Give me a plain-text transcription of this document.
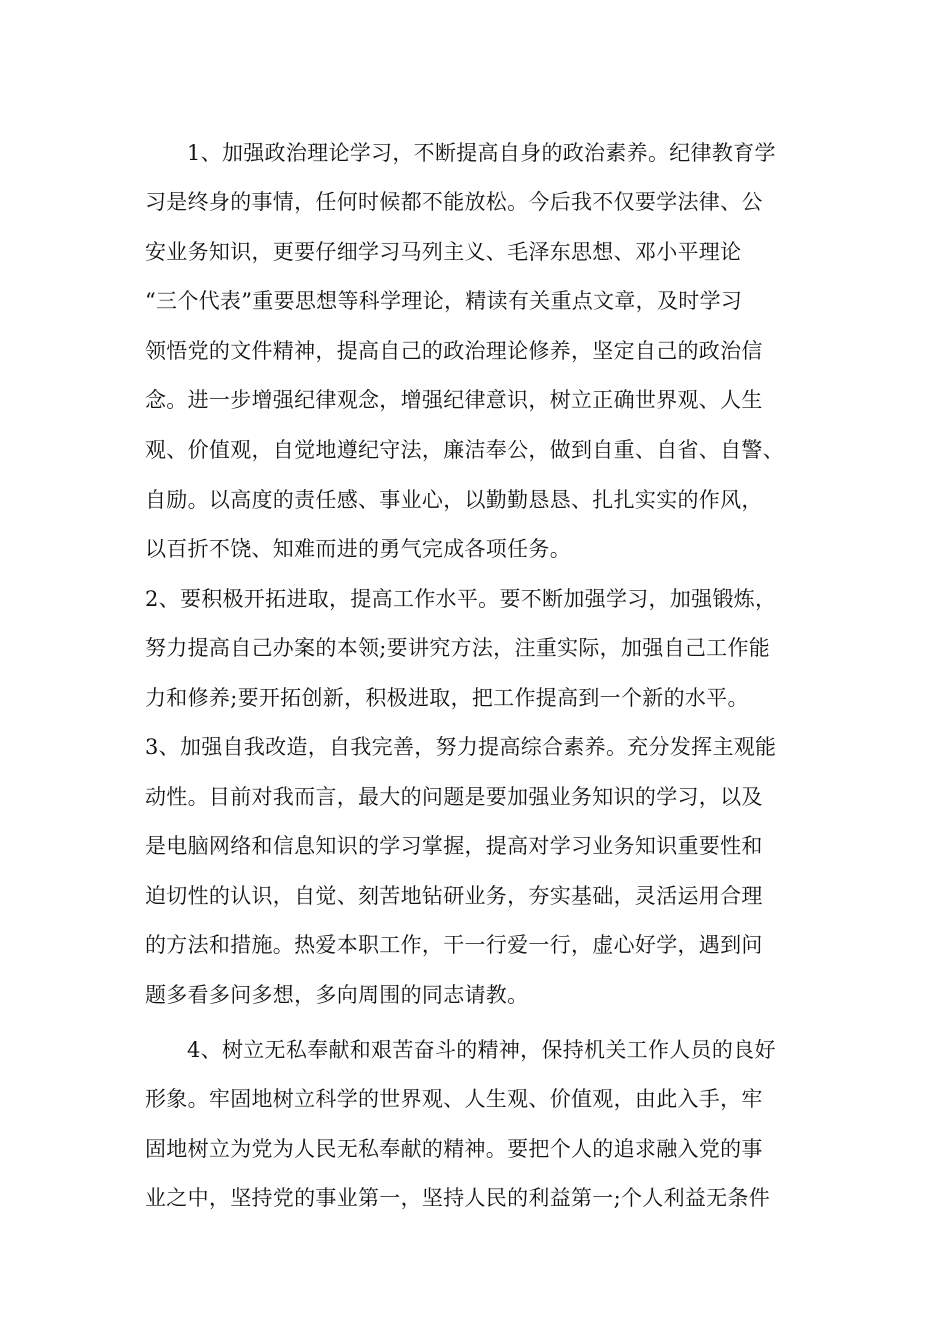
1、加强政治理论学习，不断提高自身的政治素养。纪律教育学
习是终身的事情，任何时候都不能放松。今后我不仅要学法律、公
安业务知识，更要仔细学习马列主义、毛泽东思想、邓小平理论
“三个代表”重要思想等科学理论，精读有关重点文章，及时学习
领悟党的文件精神，提高自己的政治理论修养，坚定自己的政治信
念。进一步增强纪律观念，增强纪律意识，树立正确世界观、人生
观、价值观，自觉地遵纪守法，廉洁奉公，做到自重、自省、自警、
自励。以高度的责任感、事业心，以勤勤恳恳、扎扎实实的作风，
以百折不饶、知难而进的勇气完成各项任务。
2、要积极开拓进取，提高工作水平。要不断加强学习，加强锻炼，
努力提高自己办案的本领;要讲究方法，注重实际，加强自己工作能
力和修养;要开拓创新，积极进取，把工作提高到一个新的水平。
3、加强自我改造，自我完善，努力提高综合素养。充分发挥主观能
动性。目前对我而言，最大的问题是要加强业务知识的学习，以及
是电脑网络和信息知识的学习掌握，提高对学习业务知识重要性和
迫切性的认识，自觉、刻苦地钻研业务，夯实基础，灵活运用合理
的方法和措施。热爱本职工作，干一行爱一行，虚心好学，遇到问
题多看多问多想，多向周围的同志请教。
4、树立无私奉献和艰苦奋斗的精神，保持机关工作人员的良好
形象。牢固地树立科学的世界观、人生观、价值观，由此入手，牢
固地树立为党为人民无私奉献的精神。要把个人的追求融入党的事
业之中，坚持党的事业第一，坚持人民的利益第一;个人利益无条件
